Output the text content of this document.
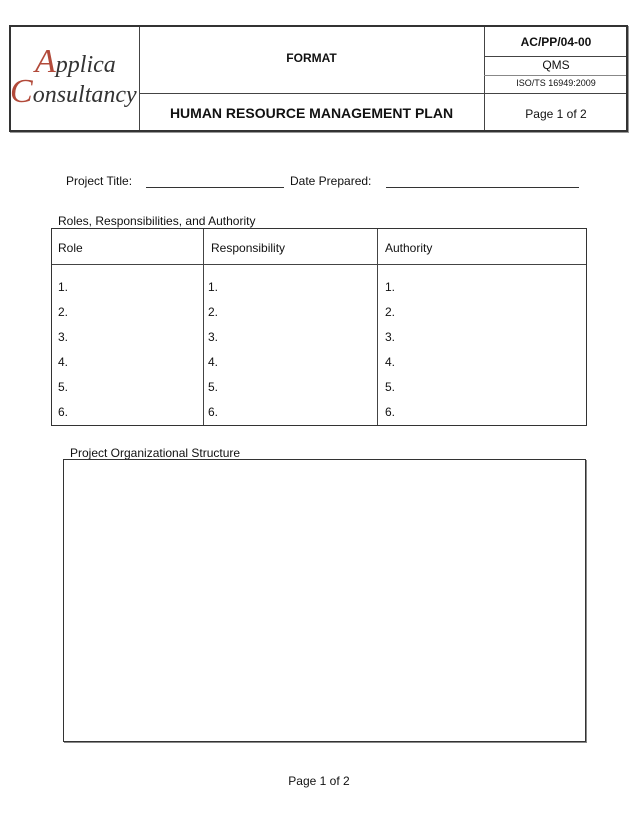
Applica
Consultancy
FORMAT
HUMAN RESOURCE MANAGEMENT PLAN
AC/PP/04-00
QMS
ISO/TS 16949:2009
Page 1 of 2
Project Title:	Date Prepared:
Roles, Responsibilities, and Authority
Role	Responsibility	Authority
1.	1.	1.
2.	2.	2.
3.	3.	3.
4.	4.	4.
5.	5.	5.
6.	6.	6.
Project Organizational Structure
Page 1 of 2
